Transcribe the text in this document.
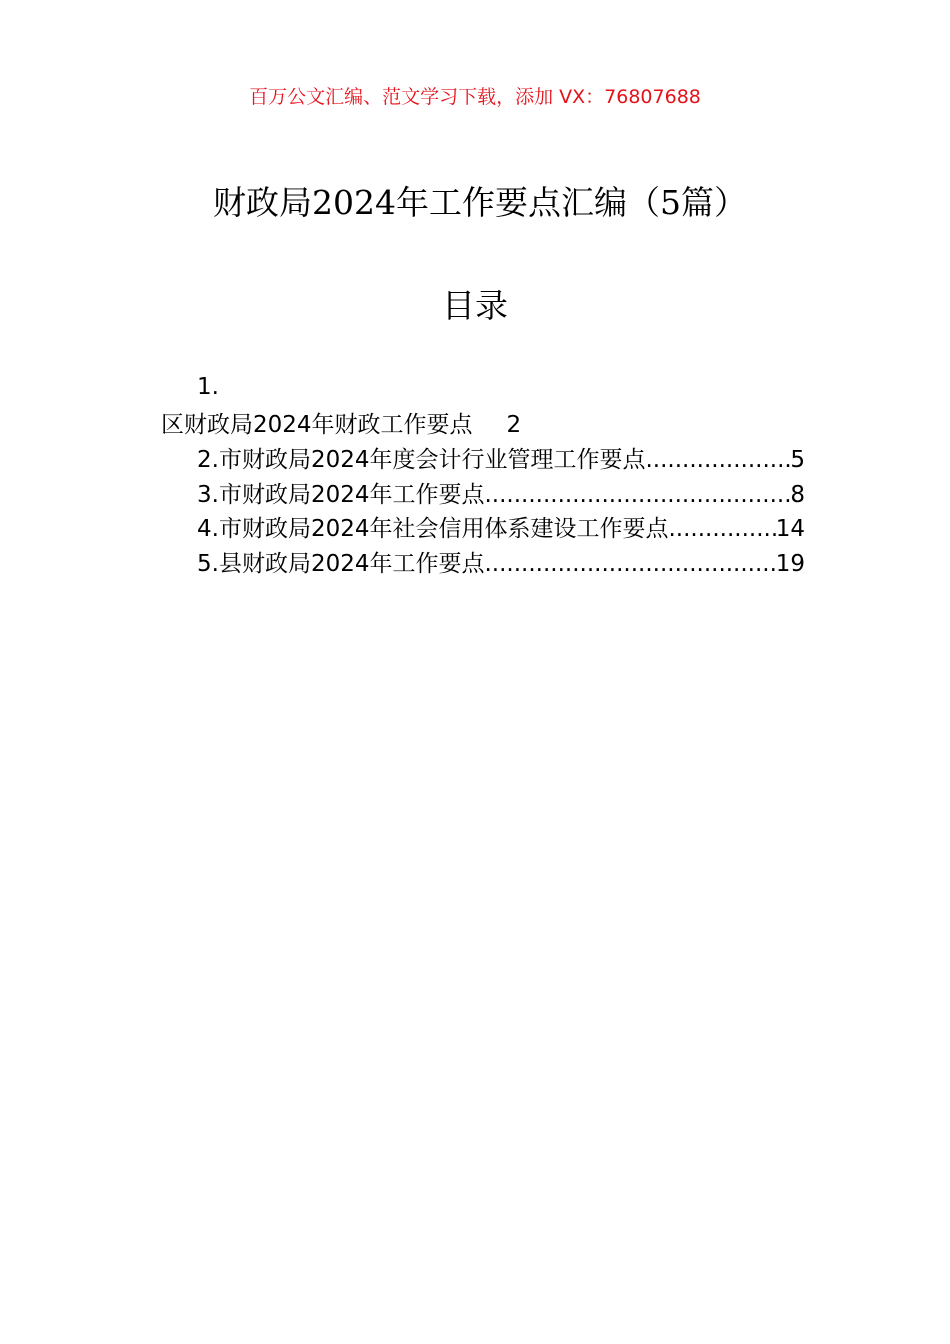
百万公文汇编、范文学习下载，添加 VX：76807688
财政局2024年工作要点汇编（5篇）
目录
1.
区财政局2024年财政工作要点 2
2.市财政局2024年度会计行业管理工作要点 .....	5
3.市财政局2024年工作要点 .....	8
4.市财政局2024年社会信用体系建设工作要点 .....	14
5.县财政局2024年工作要点 .....	19
